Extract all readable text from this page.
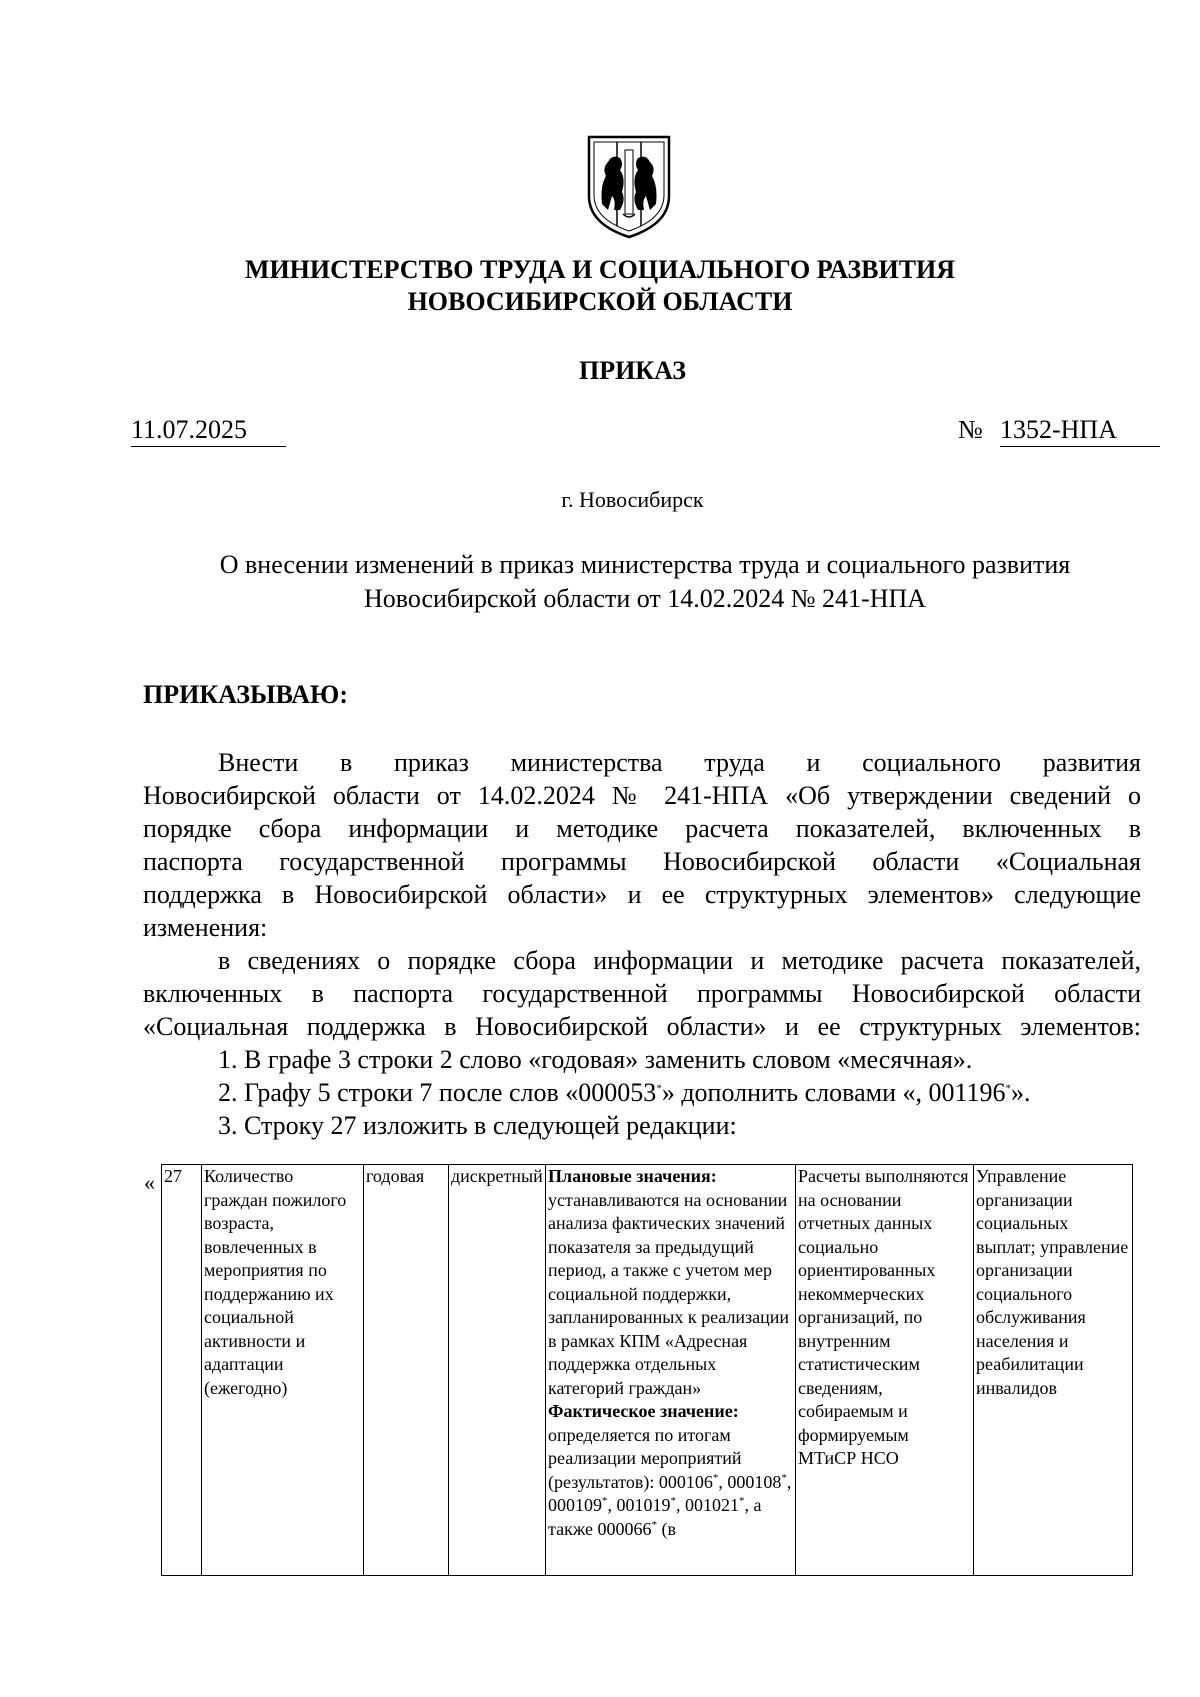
МИНИСТЕРСТВО ТРУДА И СОЦИАЛЬНОГО РАЗВИТИЯ
НОВОСИБИРСКОЙ ОБЛАСТИ
ПРИКАЗ
11.07.2025	№ 1352-НПА
г. Новосибирск
О внесении изменений в приказ министерства труда и социального развития
Новосибирской области от 14.02.2024 № 241-НПА
ПРИКАЗЫВАЮ:
Внести в приказ министерства труда и социального развития
Новосибирской области от 14.02.2024 № 241-НПА «Об утверждении сведений о
порядке сбора информации и методике расчета показателей, включенных в
паспорта государственной программы Новосибирской области «Социальная
поддержка в Новосибирской области» и ее структурных элементов» следующие
изменения:
в сведениях о порядке сбора информации и методике расчета показателей,
включенных в паспорта государственной программы Новосибирской области
«Социальная поддержка в Новосибирской области» и ее структурных элементов:
1. В графе 3 строки 2 слово «годовая» заменить словом «месячная».
2. Графу 5 строки 7 после слов «000053*» дополнить словами «, 001196*».
3. Строку 27 изложить в следующей редакции:
« 27	Количество граждан пожилого возраста, вовлеченных в мероприятия по поддержанию их социальной активности и адаптации (ежегодно)	годовая	дискретный	Плановые значения:
устанавливаются на основании анализа фактических значений показателя за предыдущий период, а также с учетом мер социальной поддержки, запланированных к реализации в рамках КПМ «Адресная поддержка отдельных категорий граждан»
Фактическое значение:
определяется по итогам реализации мероприятий (результатов): 000106*, 000108*, 000109*, 001019*, 001021*, а также 000066* (в	Расчеты выполняются на основании отчетных данных социально ориентированных некоммерческих организаций, по внутренним статистическим сведениям, собираемым и формируемым МТиСР НСО	Управление организации социальных выплат; управление организации социального обслуживания населения и реабилитации инвалидов
